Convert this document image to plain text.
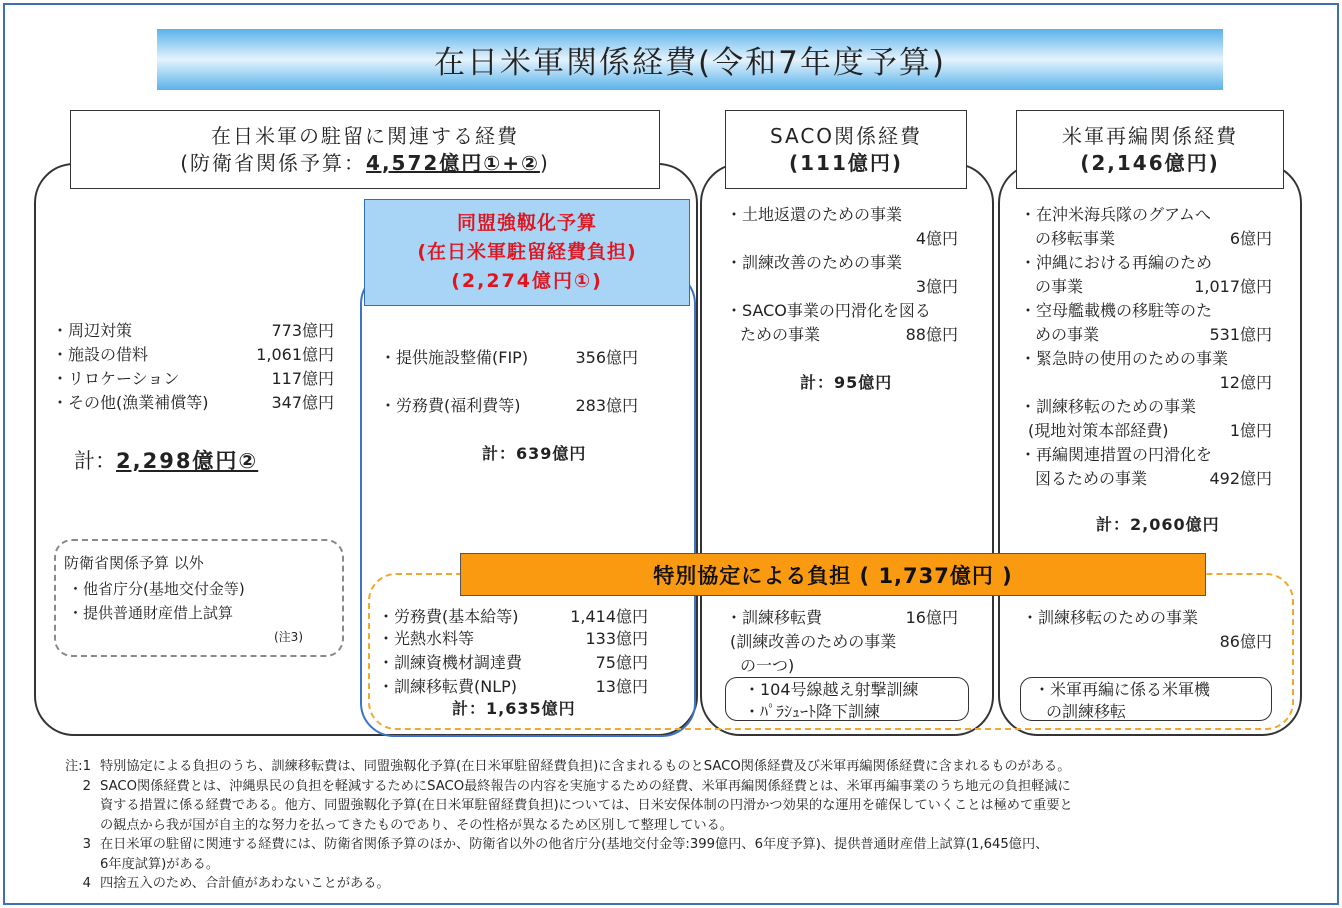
在日米軍関係経費(令和7年度予算)
在日米軍の駐留に関連する経費
(防衛省関係予算：4,572億円①+②)
・周辺対策	773億円
・施設の借料	1,061億円
・リロケーション	117億円
・その他(漁業補償等)	347億円
計：2,298億円②
防衛省関係予算 以外
・他省庁分(基地交付金等)
・提供普通財産借上試算
(注3)
同盟強靱化予算
(在日米軍駐留経費負担)
(2,274億円①)
・提供施設整備(FIP)	356億円
・労務費(福利費等)	283億円
計：639億円
SACO関係経費
(111億円)
・土地返還のための事業
4億円
・訓練改善のための事業
3億円
・SACO事業の円滑化を図る
ための事業	88億円
計：95億円
米軍再編関係経費
(2,146億円)
・在沖米海兵隊のグアムへ
の移転事業	6億円
・沖縄における再編のため
の事業	1,017億円
・空母艦載機の移駐等のた
めの事業	531億円
・緊急時の使用のための事業
12億円
・訓練移転のための事業
(現地対策本部経費)	1億円
・再編関連措置の円滑化を
図るための事業	492億円
計：2,060億円
特別協定による負担 ( 1,737億円 )
・労務費(基本給等)	1,414億円
・光熱水料等	133億円
・訓練資機材調達費	75億円
・訓練移転費(NLP)	13億円
計：1,635億円
・訓練移転費	16億円
(訓練改善のための事業
の一つ)
・104号線越え射撃訓練
・ﾊﾟﾗｼｭｰﾄ降下訓練
・訓練移転のための事業
86億円
・米軍再編に係る米軍機
の訓練移転
注:1 特別協定による負担のうち、訓練移転費は、同盟強靱化予算(在日米軍駐留経費負担)に含まれるものとSACO関係経費及び米軍再編関係経費に含まれるものがある。
2 SACO関係経費とは、沖縄県民の負担を軽減するためにSACO最終報告の内容を実施するための経費、米軍再編関係経費とは、米軍再編事業のうち地元の負担軽減に
資する措置に係る経費である。他方、同盟強靱化予算(在日米軍駐留経費負担)については、日米安保体制の円滑かつ効果的な運用を確保していくことは極めて重要と
の観点から我が国が自主的な努力を払ってきたものであり、その性格が異なるため区別して整理している。
3 在日米軍の駐留に関連する経費には、防衛省関係予算のほか、防衛省以外の他省庁分(基地交付金等:399億円、6年度予算)、提供普通財産借上試算(1,645億円、
6年度試算)がある。
4 四捨五入のため、合計値があわないことがある。
